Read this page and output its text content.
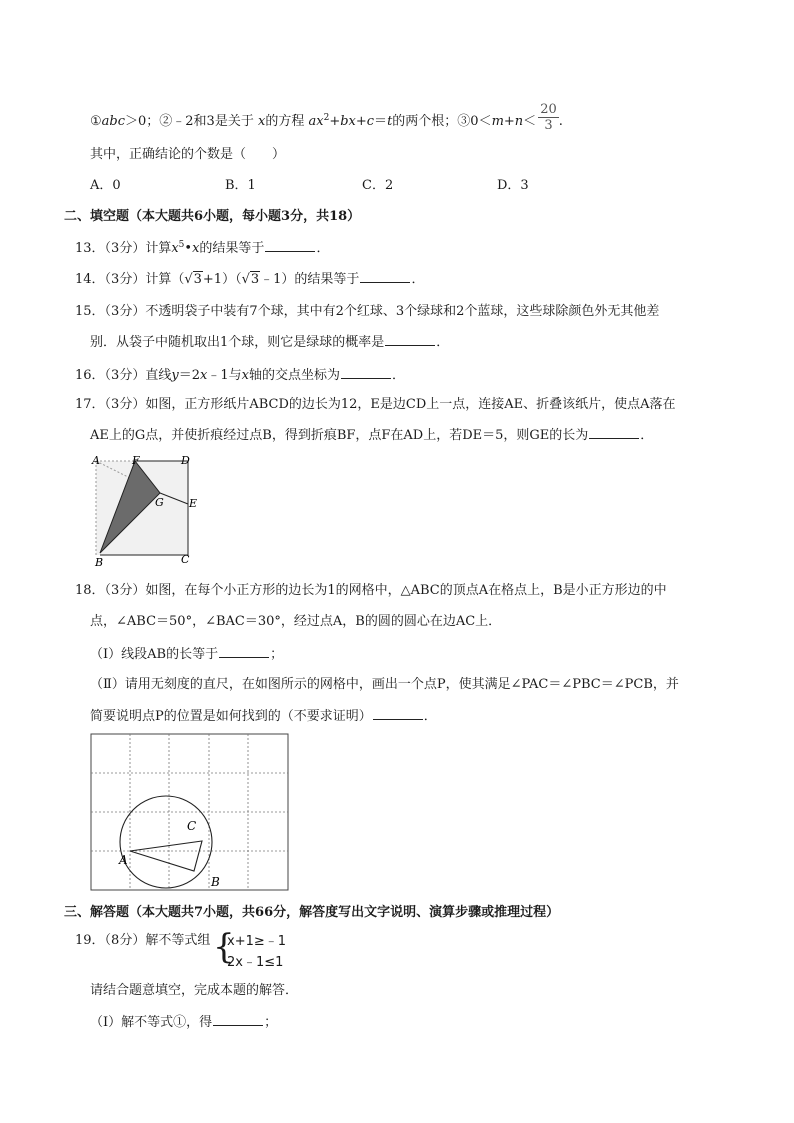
①abc＞0；②﹣2和3是关于 x的方程 $ax^2+bx+c=t$的两个根；③0＜m+n＜ $\frac{20}{3}$ .
其中，正确结论的个数是（　　）
A．0	B．1	C．2	D．3
二、填空题（本大题共6小题，每小题3分，共18）
13．（3分）计算$x^5•x$的结果等于	．
14．（3分）计算（√3+1）（√3﹣1）的结果等于	．
15．（3分）不透明袋子中装有7个球，其中有2个红球、3个绿球和2个蓝球，这些球除颜色外无其他差
别．从袋子中随机取出1个球，则它是绿球的概率是	．
16．（3分）直线y＝2x﹣1与x轴的交点坐标为	．
17．（3分）如图，正方形纸片ABCD的边长为12，E是边CD上一点，连接AE、折叠该纸片，使点A落在
AE上的G点，并使折痕经过点B，得到折痕BF，点F在AD上，若DE＝5，则GE的长为	．
A	F	D
G E
B	C
18．（3分）如图，在每个小正方形的边长为1的网格中，△ABC的顶点A在格点上，B是小正方形边的中
点，∠ABC＝50°，∠BAC＝30°，经过点A，B的圆的圆心在边AC上．
（Ⅰ）线段AB的长等于	；
（Ⅱ）请用无刻度的直尺，在如图所示的网格中，画出一个点P，使其满足∠PAC＝∠PBC＝∠PCB，并
简要说明点P的位置是如何找到的（不要求证明）	．
A
B
C
三、解答题（本大题共7小题，共66分，解答度写出文字说明、演算步骤或推理过程）
19．（8分）解不等式组 {
x+1≥﹣1
2x﹣1≤1
请结合题意填空，完成本题的解答．
（Ⅰ）解不等式①，得	；
